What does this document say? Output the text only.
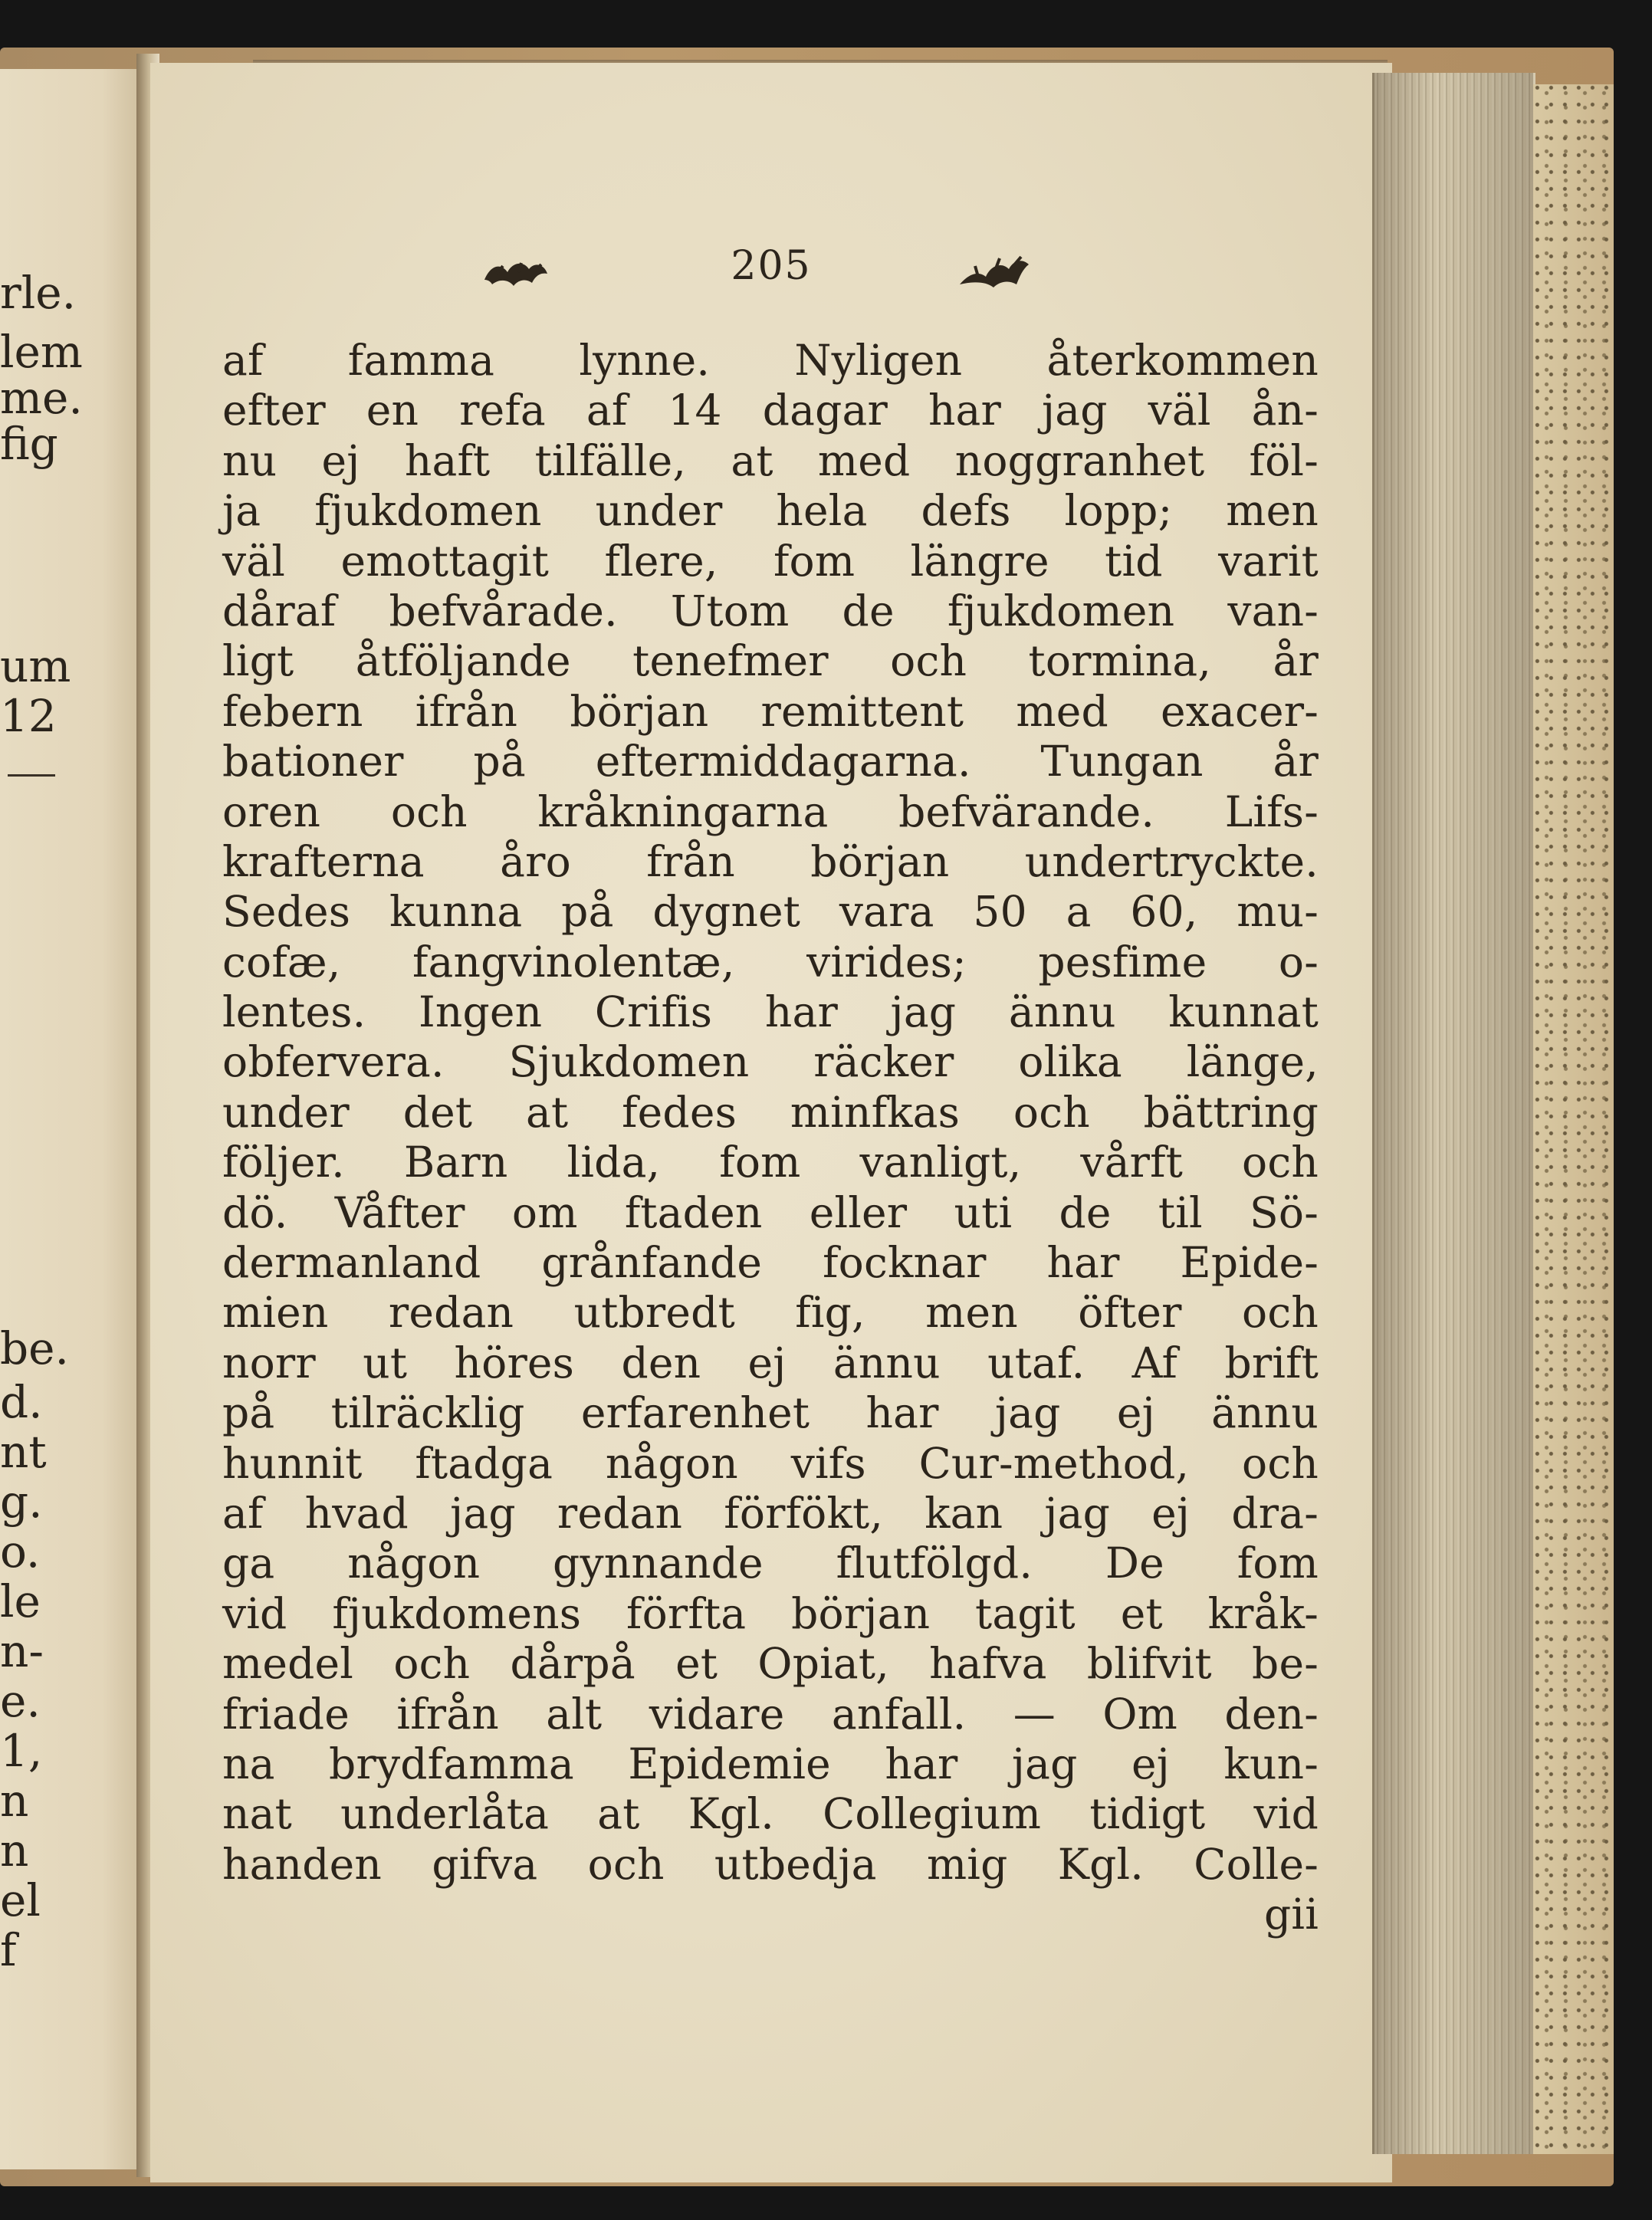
rle.
lem
me.
fig
um
12
be.
d.
nt
g.
o.
le
n-
e.
1,
n
n
el
f
205
af famma lynne. Nyligen återkommen
efter en refa af 14 dagar har jag väl ån-
nu ej haft tilfälle, at med noggranhet föl-
ja fjukdomen under hela defs lopp; men
väl emottagit flere, fom längre tid varit
dåraf befvårade. Utom de fjukdomen van-
ligt åtföljande tenefmer och tormina, år
febern ifrån början remittent med exacer-
bationer på eftermiddagarna. Tungan år
oren och kråkningarna befvärande. Lifs-
krafterna åro från början undertryckte.
Sedes kunna på dygnet vara 50 a 60, mu-
cofæ, fangvinolentæ, virides; pesfime o-
lentes. Ingen Crifis har jag ännu kunnat
obfervera. Sjukdomen räcker olika länge,
under det at fedes minfkas och bättring
följer. Barn lida, fom vanligt, vårft och
dö. Våfter om ftaden eller uti de til Sö-
dermanland grånfande focknar har Epide-
mien redan utbredt fig, men öfter och
norr ut höres den ej ännu utaf. Af brift
på tilräcklig erfarenhet har jag ej ännu
hunnit ftadga någon vifs Cur-method, och
af hvad jag redan förfökt, kan jag ej dra-
ga någon gynnande flutfölgd. De fom
vid fjukdomens förfta början tagit et kråk-
medel och dårpå et Opiat, hafva blifvit be-
friade ifrån alt vidare anfall. — Om den-
na brydfamma Epidemie har jag ej kun-
nat underlåta at Kgl. Collegium tidigt vid
handen gifva och utbedja mig Kgl. Colle-
gii
